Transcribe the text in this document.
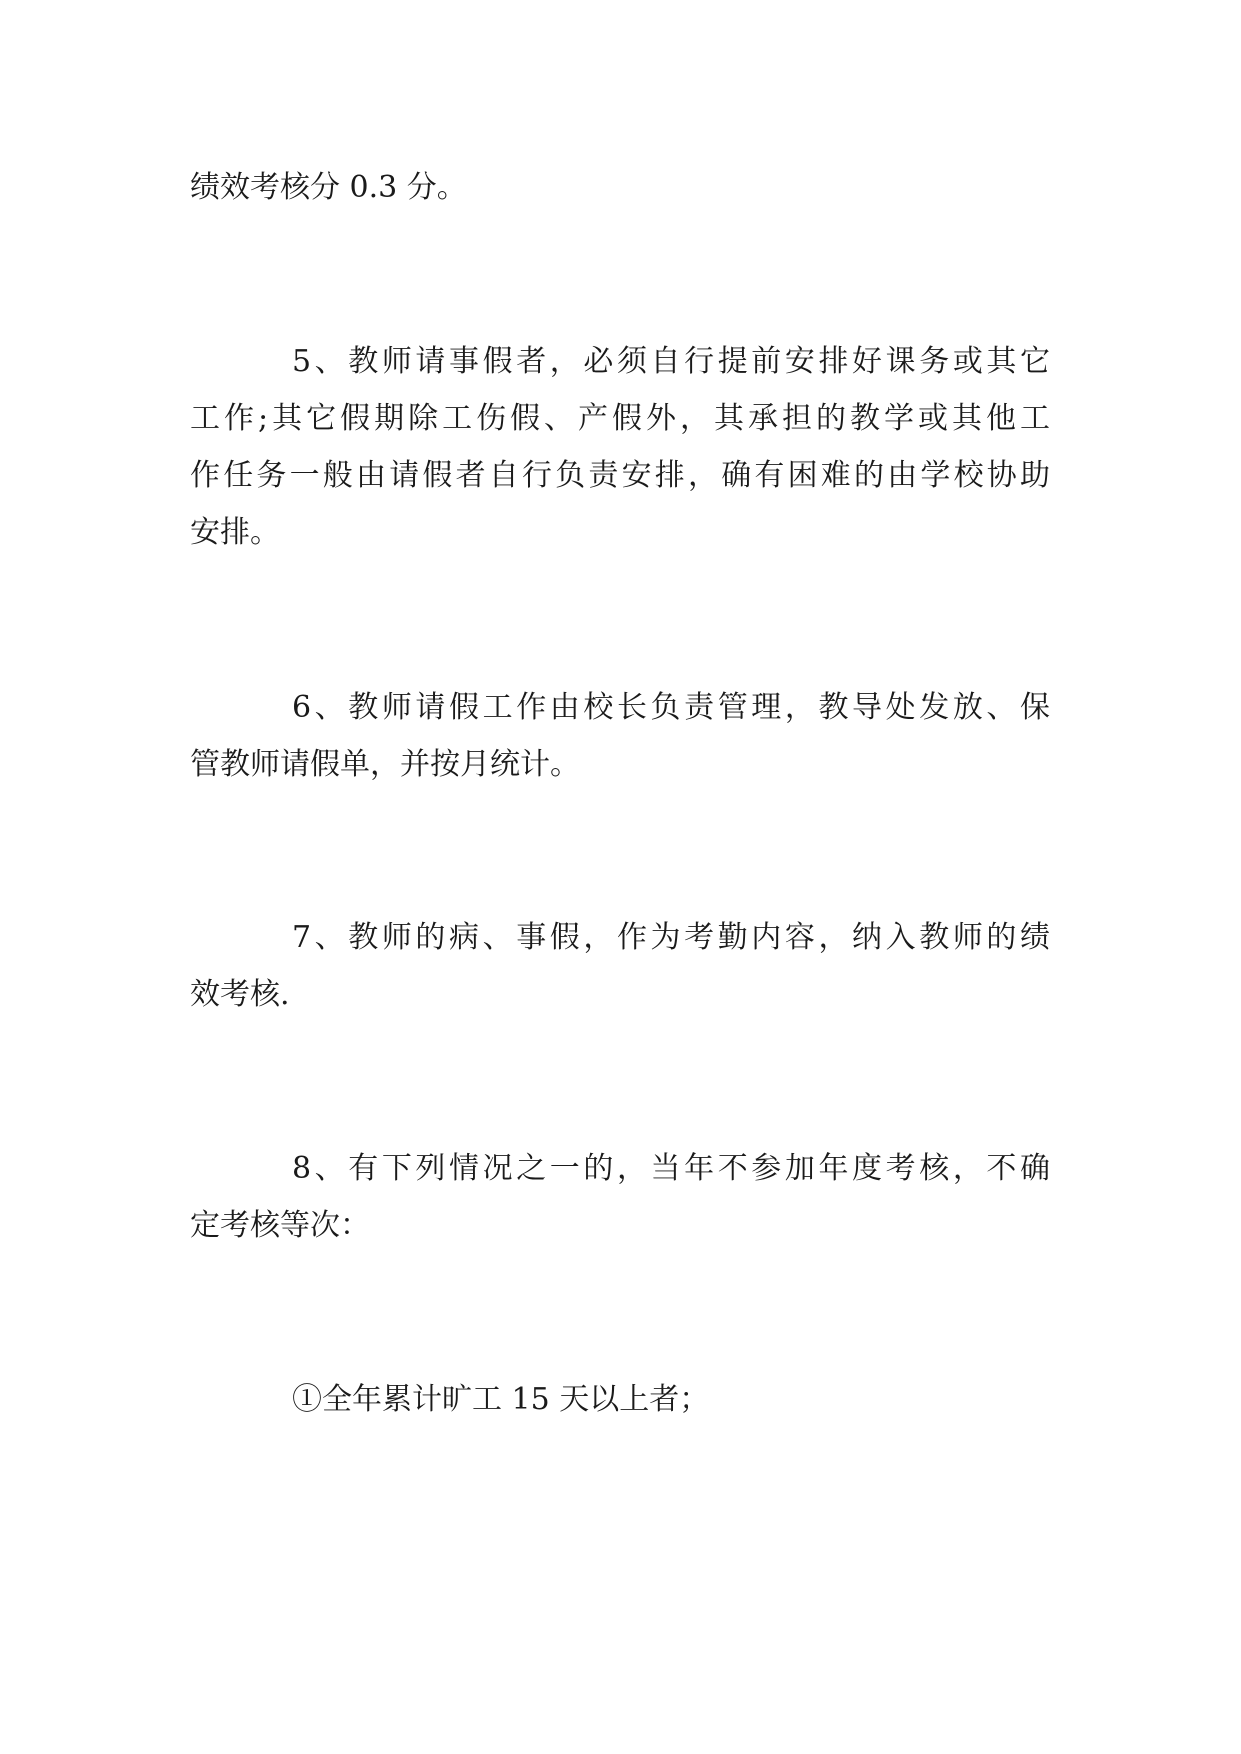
绩效考核分 0.3 分。
5、教师请事假者，必须自行提前安排好课务或其它
工作;其它假期除工伤假、产假外，其承担的教学或其他工
作任务一般由请假者自行负责安排，确有困难的由学校协助
安排。
6、教师请假工作由校长负责管理，教导处发放、保
管教师请假单，并按月统计。
7、教师的病、事假，作为考勤内容，纳入教师的绩
效考核.
8、有下列情况之一的，当年不参加年度考核，不确
定考核等次：
①全年累计旷工 15 天以上者；
